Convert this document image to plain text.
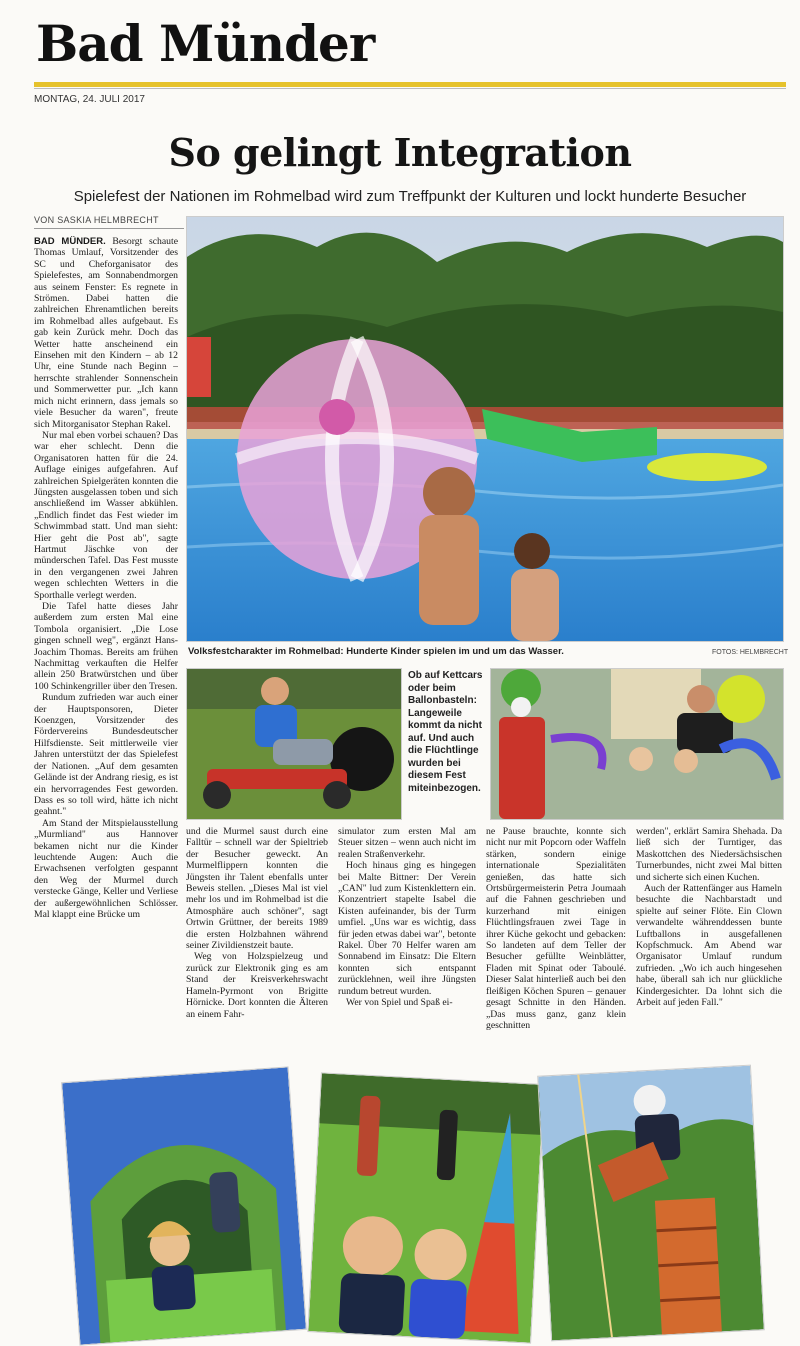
Bad Münder
MONTAG, 24. JULI 2017
So gelingt Integration
Spielefest der Nationen im Rohmelbad wird zum Treffpunkt der Kulturen und lockt hunderte Besucher
VON SASKIA HELMBRECHT

BAD MÜNDER. Besorgt schaute Thomas Umlauf, Vorsitzender des SC und Cheforganisator des Spielefestes, am Sonnabendmorgen aus seinem Fenster: Es regnete in Strömen. Dabei hatten die zahlreichen Ehrenamtlichen bereits im Rohmelbad alles aufgebaut. Es gab kein Zurück mehr. Doch das Wetter hatte anscheinend ein Einsehen mit den Kindern – ab 12 Uhr, eine Stunde nach Beginn – herrschte strahlender Sonnenschein und Sommerwetter pur. „Ich kann mich nicht erinnern, dass jemals so viele Besucher da waren", freute sich Mitorganisator Stephan Rakel.

Nur mal eben vorbei schauen? Das war eher schlecht. Denn die Organisatoren hatten für die 24. Auflage einiges aufgefahren. Auf zahlreichen Spielgeräten konnten die Jüngsten ausgelassen toben und sich anschließend im Wasser abkühlen. „Endlich findet das Fest wieder im Schwimmbad statt. Und man sieht: Hier geht die Post ab", sagte Hartmut Jäschke von der münderschen Tafel. Das Fest musste in den vergangenen zwei Jahren wegen schlechten Wetters in die Sporthalle verlegt werden.

Die Tafel hatte dieses Jahr außerdem zum ersten Mal eine Tombola organisiert. „Die Lose gingen schnell weg", ergänzt Hans-Joachim Thomas. Bereits am frühen Nachmittag verkauften die Helfer allein 250 Bratwürstchen und über 100 Schinkengriller über den Tresen.

Rundum zufrieden war auch einer der Hauptsponsoren, Dieter Koenzgen, Vorsitzender des Fördervereins Bundesdeutscher Hilfsdienste. Seit mittlerweile vier Jahren unterstützt der das Spielefest der Nationen. „Auf dem gesamten Gelände ist der Andrang riesig, es ist ein hervorragendes Fest geworden. Dass es so toll wird, hätte ich nicht geahnt."

Am Stand der Mitspielausstellung „Murmliand" aus Hannover bekamen nicht nur die Kinder leuchtende Augen: Auch die Erwachsenen verfolgten gespannt den Weg der Murmel durch verstecke Gänge, Keller und Verliese der außergewöhnlichen Schlösser. Mal klappt eine Brücke um

Volksfestcharakter im Rohmelbad: Hunderte Kinder spielen im und um das Wasser.	FOTOS: HELMBRECHT
Ob auf Kettcars oder beim Ballonbasteln: Langeweile kommt da nicht auf. Und auch die Flüchtlinge wurden bei diesem Fest miteinbezogen.

und die Murmel saust durch eine Falltür – schnell war der Spieltrieb der Besucher geweckt. An Murmelflippern konnten die Jüngsten ihr Talent ebenfalls unter Beweis stellen. „Dieses Mal ist viel mehr los und im Rohmelbad ist die Atmosphäre auch schöner", sagt Ortwin Grüttner, der bereits 1989 die ersten Holzbahnen während seiner Zivildienstzeit baute.

Weg von Holzspielzeug und zurück zur Elektronik ging es am Stand der Kreisverkehrswacht Hameln-Pyrmont von Brigitte Hörnicke. Dort konnten die Älteren an einem Fahr-

simulator zum ersten Mal am Steuer sitzen – wenn auch nicht im realen Straßenverkehr.

Hoch hinaus ging es hingegen bei Malte Bittner: Der Verein „CAN" lud zum Kistenklettern ein. Konzentriert stapelte Isabel die Kisten aufeinander, bis der Turm umfiel. „Uns war es wichtig, dass für jeden etwas dabei war", betonte Rakel. Über 70 Helfer waren am Sonnabend im Einsatz: Die Eltern konnten sich entspannt zurücklehnen, weil ihre Jüngsten rundum betreut wurden.

Wer von Spiel und Spaß ei-

ne Pause brauchte, konnte sich nicht nur mit Popcorn oder Waffeln stärken, sondern einige internationale Spezialitäten genießen, das hatte sich Ortsbürgermeisterin Petra Joumaah auf die Fahnen geschrieben und kurzerhand mit einigen Flüchtlingsfrauen zwei Tage in ihrer Küche gekocht und gebacken: So landeten auf dem Teller der Besucher gefüllte Weinblätter, Fladen mit Spinat oder Taboulé. Dieser Salat hinterließ auch bei den fleißigen Köchen Spuren – genauer gesagt Schnitte in den Händen. „Das muss ganz, ganz klein geschnitten

werden", erklärt Samira Shehada. Da ließ sich der Turntiger, das Maskottchen des Niedersächsischen Turnerbundes, nicht zwei Mal bitten und sicherte sich einen Kuchen.

Auch der Rattenfänger aus Hameln besuchte die Nachbarstadt und spielte auf seiner Flöte. Ein Clown verwandelte währenddessen bunte Luftballons in ausgefallenen Kopfschmuck. Am Abend war Organisator Umlauf rundum zufrieden. „Wo ich auch hingesehen habe, überall sah ich nur glückliche Kindergesichter. Da lohnt sich die Arbeit auf jeden Fall."
